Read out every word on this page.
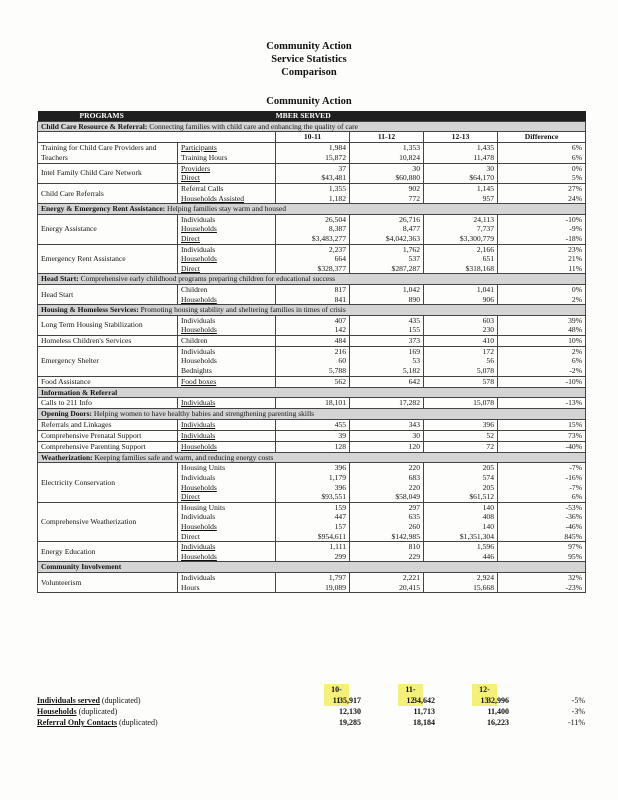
Community Action
Service Statistics
Comparison
Community Action
PROGRAMS		MBER SERVED			
Child Care Resource & Referral: Connecting families with child care and enhancing the quality of care					
		10-11	11-12	12-13	Difference
Training for Child Care Providers and Teachers	Participants	1,984	1,353	1,435	6%
	Training Hours	15,872	10,824	11,478	6%
Intel Family Child Care Network	Providers	37	30	30	0%
	Direct	$43,481	$60,880	$64,170	5%
Child Care Referrals	Referral Calls	1,355	902	1,145	27%
	Households Assisted	1,182	772	957	24%
Energy & Emergency Rent Assistance: Helping families stay warm and housed					
Energy Assistance	Individuals	26,504	26,716	24,113	-10%
	Households	8,387	8,477	7,737	-9%
	Direct	$3,483,277	$4,042,363	$3,300,779	-18%
Emergency Rent Assistance	Individuals	2,237	1,762	2,166	23%
	Households	664	537	651	21%
	Direct	$328,377	$287,287	$318,168	11%
Head Start: Comprehensive early childhood programs preparing children for educational success					
Head Start	Children	817	1,042	1,041	0%
	Households	841	890	906	2%
Housing & Homeless Services: Promoting housing stability and sheltering families in times of crisis					
Long Term Housing Stabilization	Individuals	407	435	603	39%
	Households	142	155	230	48%
Homeless Children's Services	Children	484	373	410	10%
Emergency Shelter	Individuals	216	169	172	2%
	Households	60	53	56	6%
	Bednights	5,788	5,182	5,078	-2%
Food Assistance	Food boxes	562	642	578	-10%
Information & Referral					
Calls to 211 Info	Individuals	18,101	17,282	15,078	-13%
Opening Doors: Helping women to have healthy babies and strengthening parenting skills					
Referrals and Linkages	Individuals	455	343	396	15%
Comprehensive Prenatal Support	Individuals	39	30	52	73%
Comprehensive Parenting Support	Households	128	120	72	-40%
Weatherization: Keeping families safe and warm, and reducing energy costs					
Electricity Conservation	Housing Units	396	220	205	-7%
	Individuals	1,179	683	574	-16%
	Households	396	220	205	-7%
	Direct	$93,551	$58,049	$61,512	6%
Comprehensive Weatherization	Housing Units	159	297	140	-53%
	Individuals	447	635	408	-36%
	Households	157	260	140	-46%
	Direct	$954,611	$142,985	$1,351,304	845%
Energy Education	Individuals	1,111	810	1,596	97%
	Households	299	229	446	95%
Community Involvement					
Volunteerism	Individuals	1,797	2,221	2,924	32%
	Hours	19,089	20,415	15,668	-23%
10-11
11-12
12-13
Individuals served (duplicated)	35,917	34,642	32,996	-5%
Households (duplicated)	12,130	11,713	11,400	-3%
Referral Only Contacts (duplicated)	19,285	18,184	16,223	-11%
